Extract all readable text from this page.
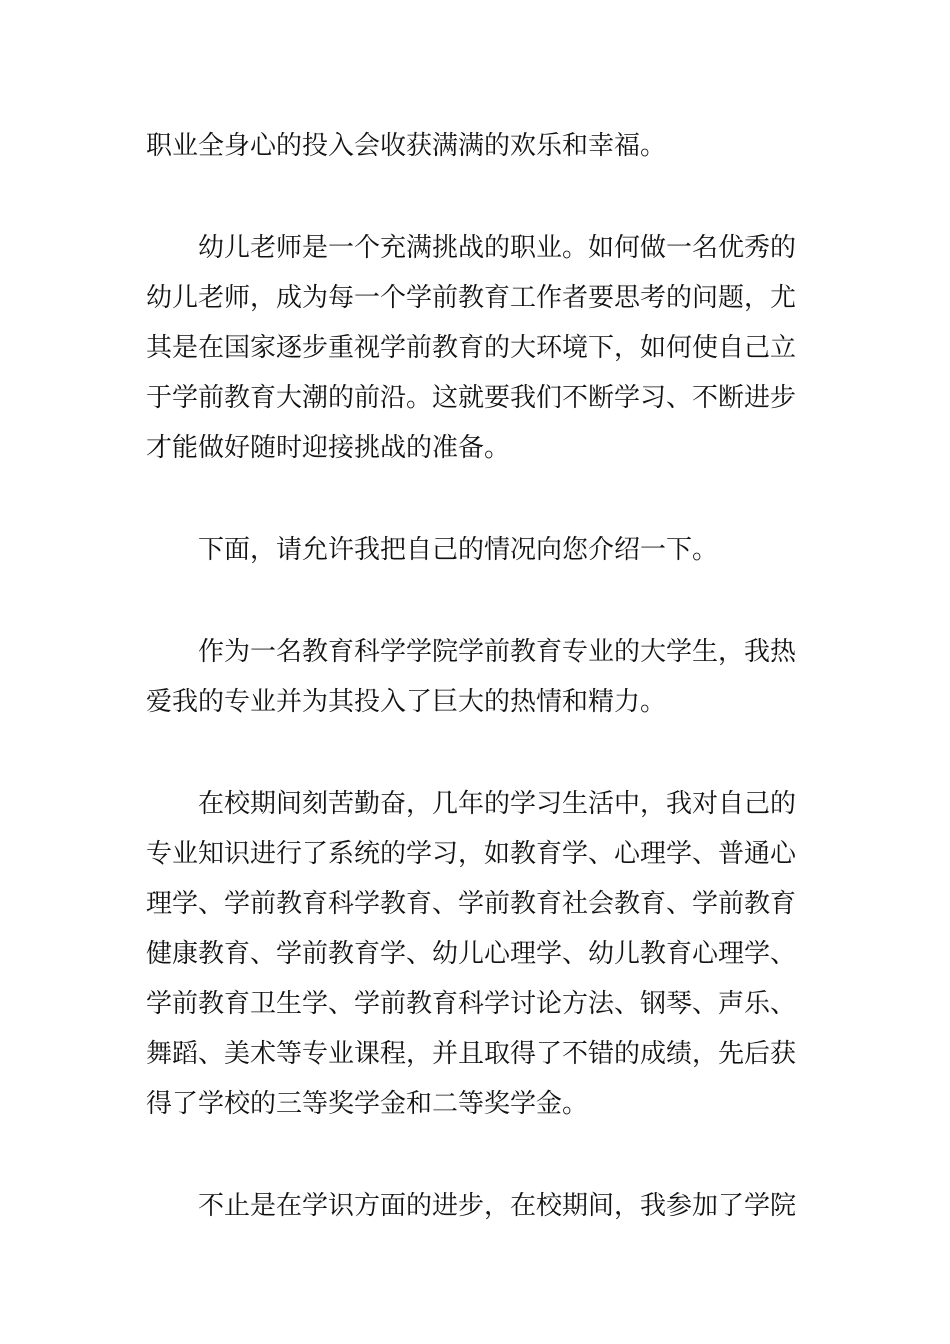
职业全身心的投入会收获满满的欢乐和幸福。
幼儿老师是一个充满挑战的职业。如何做一名优秀的
幼儿老师，成为每一个学前教育工作者要思考的问题，尤
其是在国家逐步重视学前教育的大环境下，如何使自己立
于学前教育大潮的前沿。这就要我们不断学习、不断进步
才能做好随时迎接挑战的准备。
下面，请允许我把自己的情况向您介绍一下。
作为一名教育科学学院学前教育专业的大学生，我热
爱我的专业并为其投入了巨大的热情和精力。
在校期间刻苦勤奋，几年的学习生活中，我对自己的
专业知识进行了系统的学习，如教育学、心理学、普通心
理学、学前教育科学教育、学前教育社会教育、学前教育
健康教育、学前教育学、幼儿心理学、幼儿教育心理学、
学前教育卫生学、学前教育科学讨论方法、钢琴、声乐、
舞蹈、美术等专业课程，并且取得了不错的成绩，先后获
得了学校的三等奖学金和二等奖学金。
不止是在学识方面的进步，在校期间，我参加了学院
